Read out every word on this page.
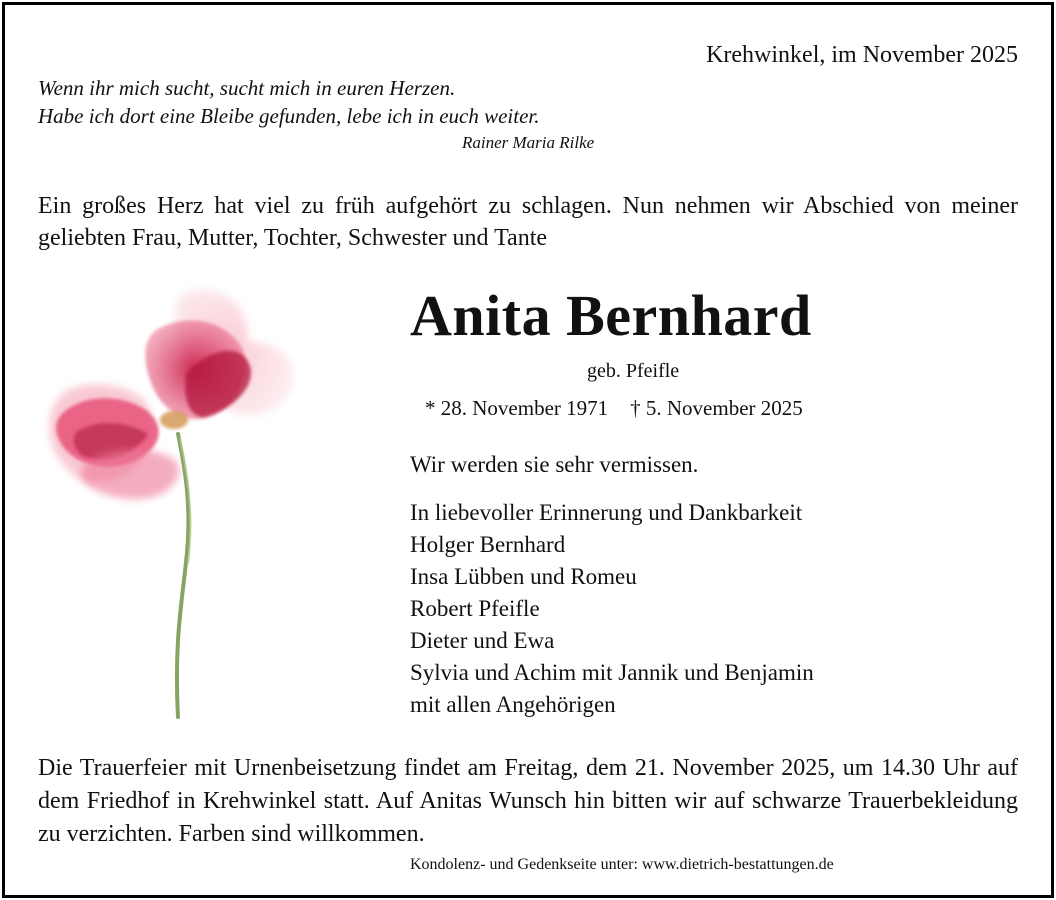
Krehwinkel, im November 2025
Wenn ihr mich sucht, sucht mich in euren Herzen.
Habe ich dort eine Bleibe gefunden, lebe ich in euch weiter.
Rainer Maria Rilke
Ein großes Herz hat viel zu früh aufgehört zu schlagen. Nun nehmen wir Abschied von meiner geliebten Frau, Mutter, Tochter, Schwester und Tante
Anita Bernhard
geb. Pfeifle
* 28. November 1971 † 5. November 2025
Wir werden sie sehr vermissen.
In liebevoller Erinnerung und Dankbarkeit
Holger Bernhard
Insa Lübben und Romeu
Robert Pfeifle
Dieter und Ewa
Sylvia und Achim mit Jannik und Benjamin
mit allen Angehörigen
Die Trauerfeier mit Urnenbeisetzung findet am Freitag, dem 21. November 2025, um 14.30 Uhr auf dem Friedhof in Krehwinkel statt. Auf Anitas Wunsch hin bitten wir auf schwarze Trauerbekleidung zu verzichten. Farben sind willkommen.
Kondolenz- und Gedenkseite unter: www.dietrich-bestattungen.de
